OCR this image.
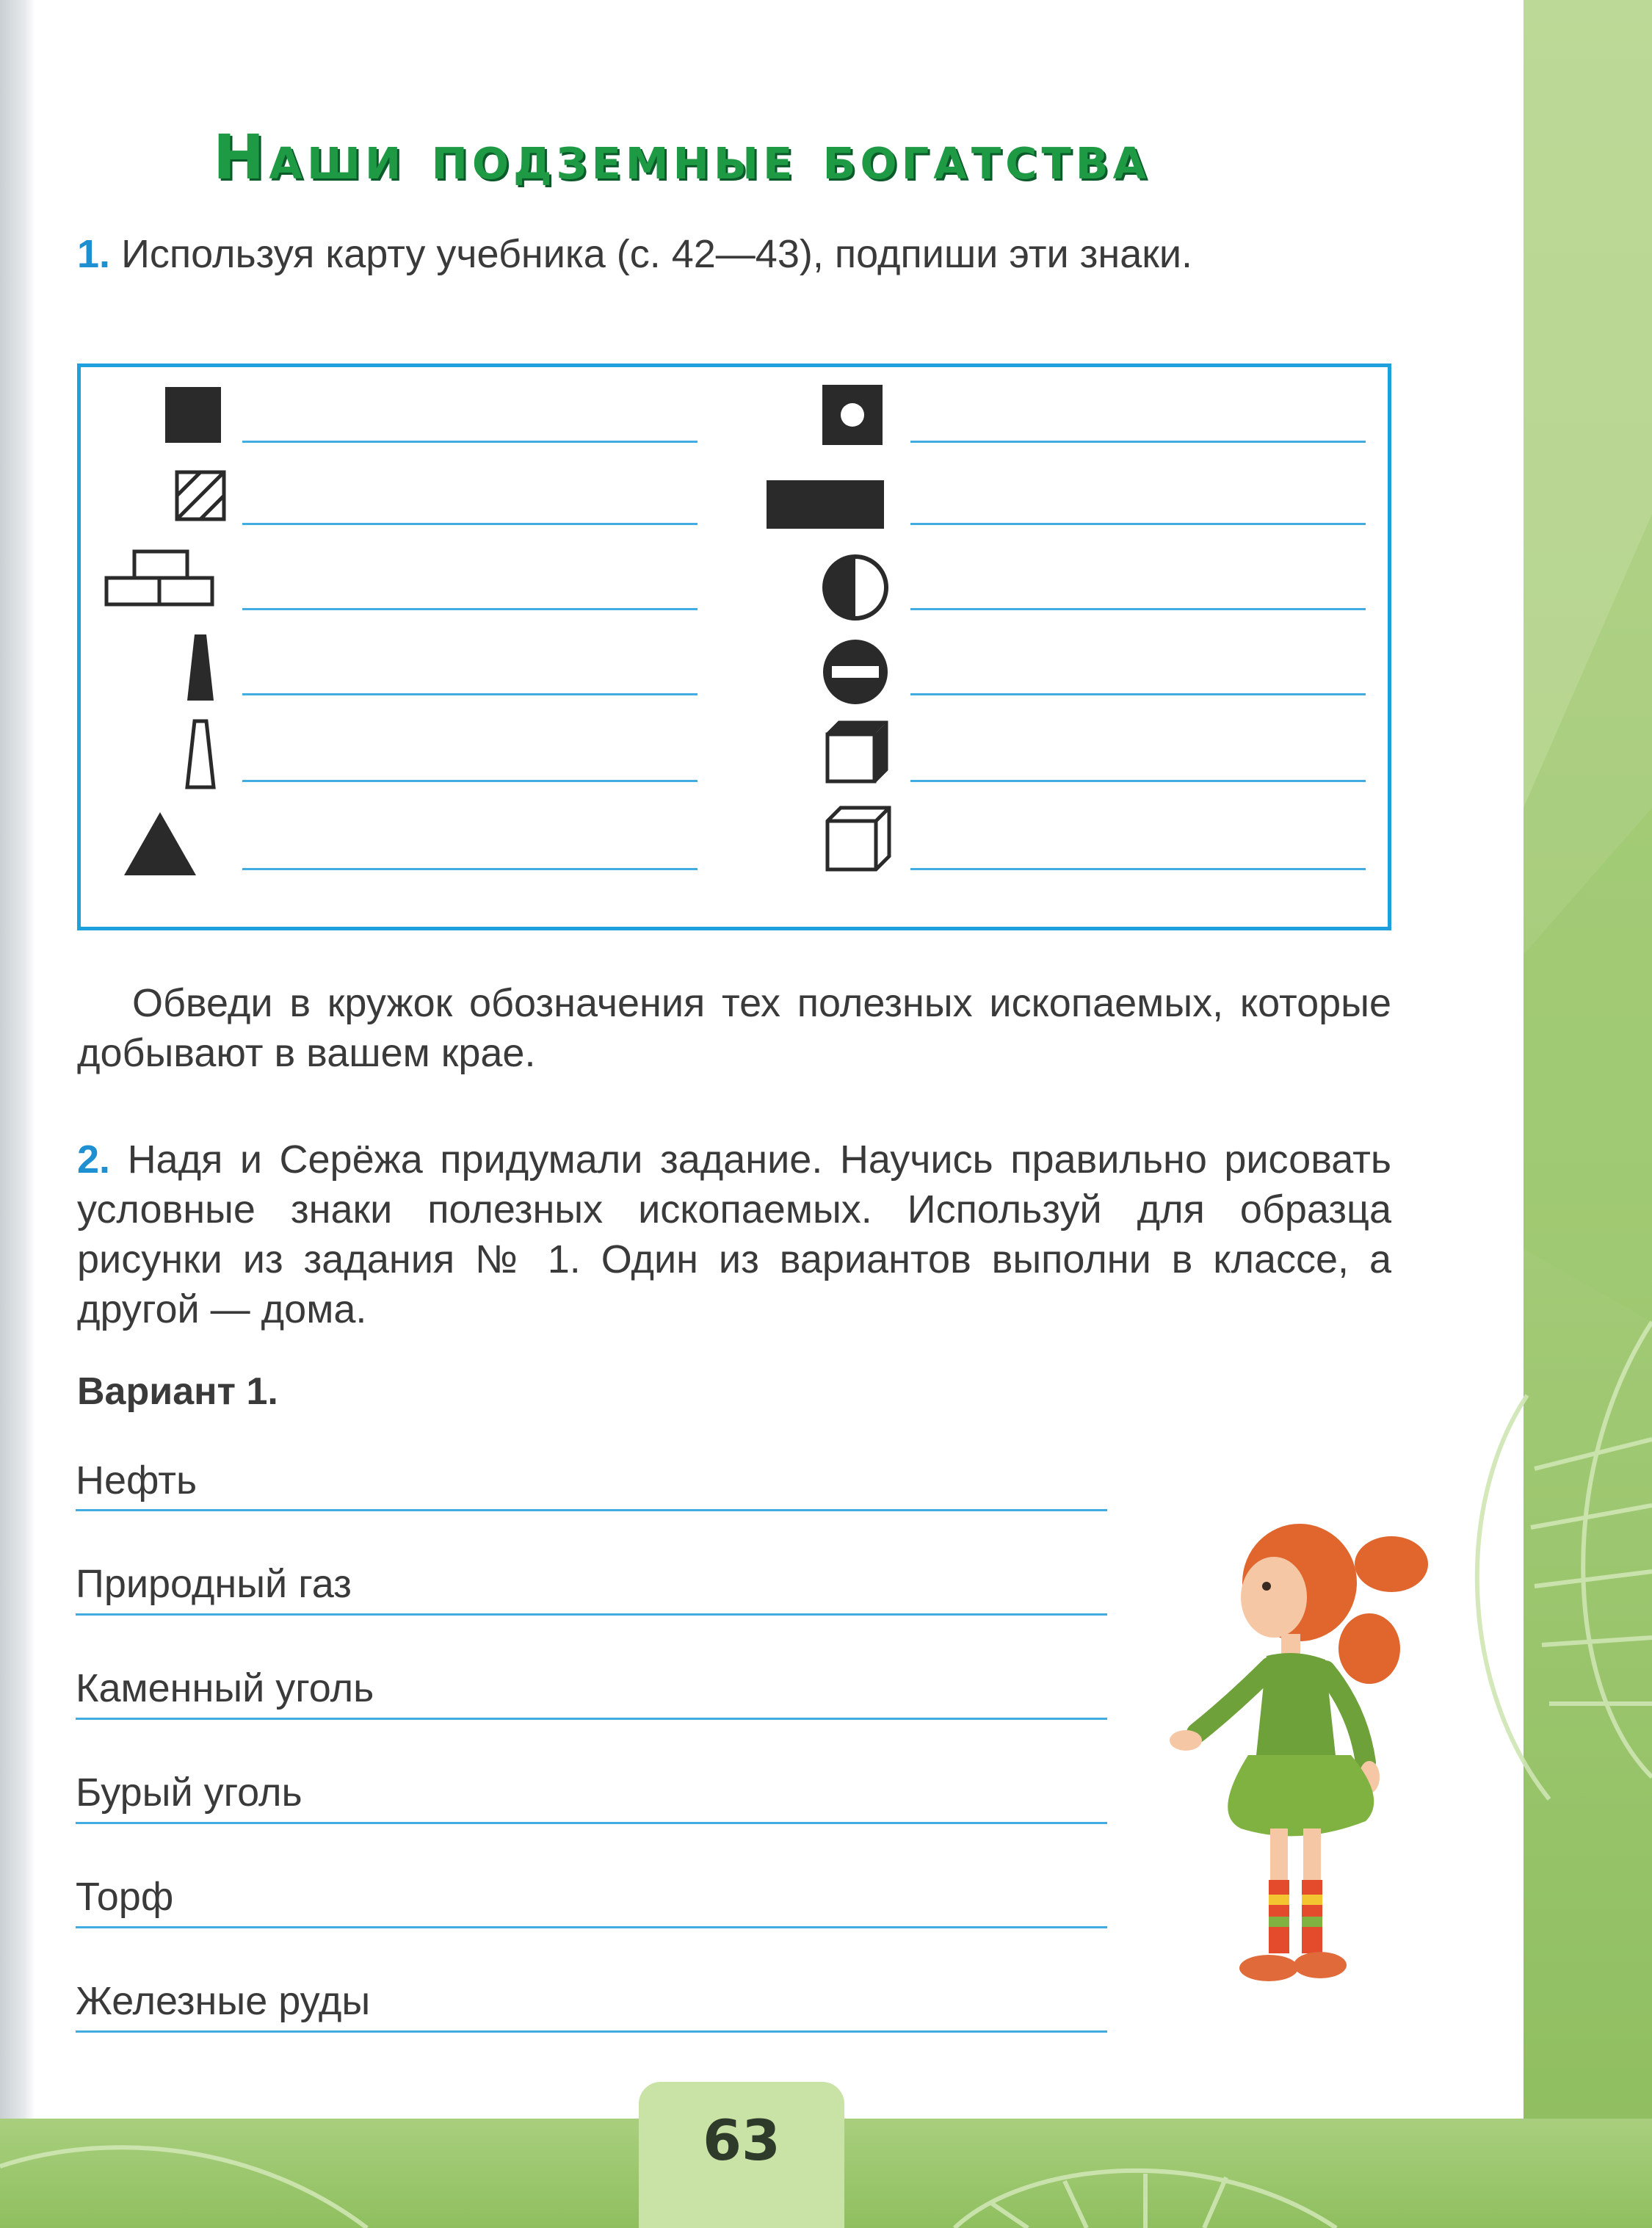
Наши подземные богатства
1. Используя карту учебника (с. 42—43), подпиши эти знаки.
Обведи в кружок обозначения тех полезных ископаемых, которые добывают в вашем крае.
2. Надя и Серёжа придумали задание. Научись правильно рисовать условные знаки полезных ископаемых. Используй для образца рисунки из задания № 1. Один из вариантов выполни в классе, а другой — дома.
Вариант 1.
Нефть
Природный газ
Каменный уголь
Бурый уголь
Торф
Железные руды
63
